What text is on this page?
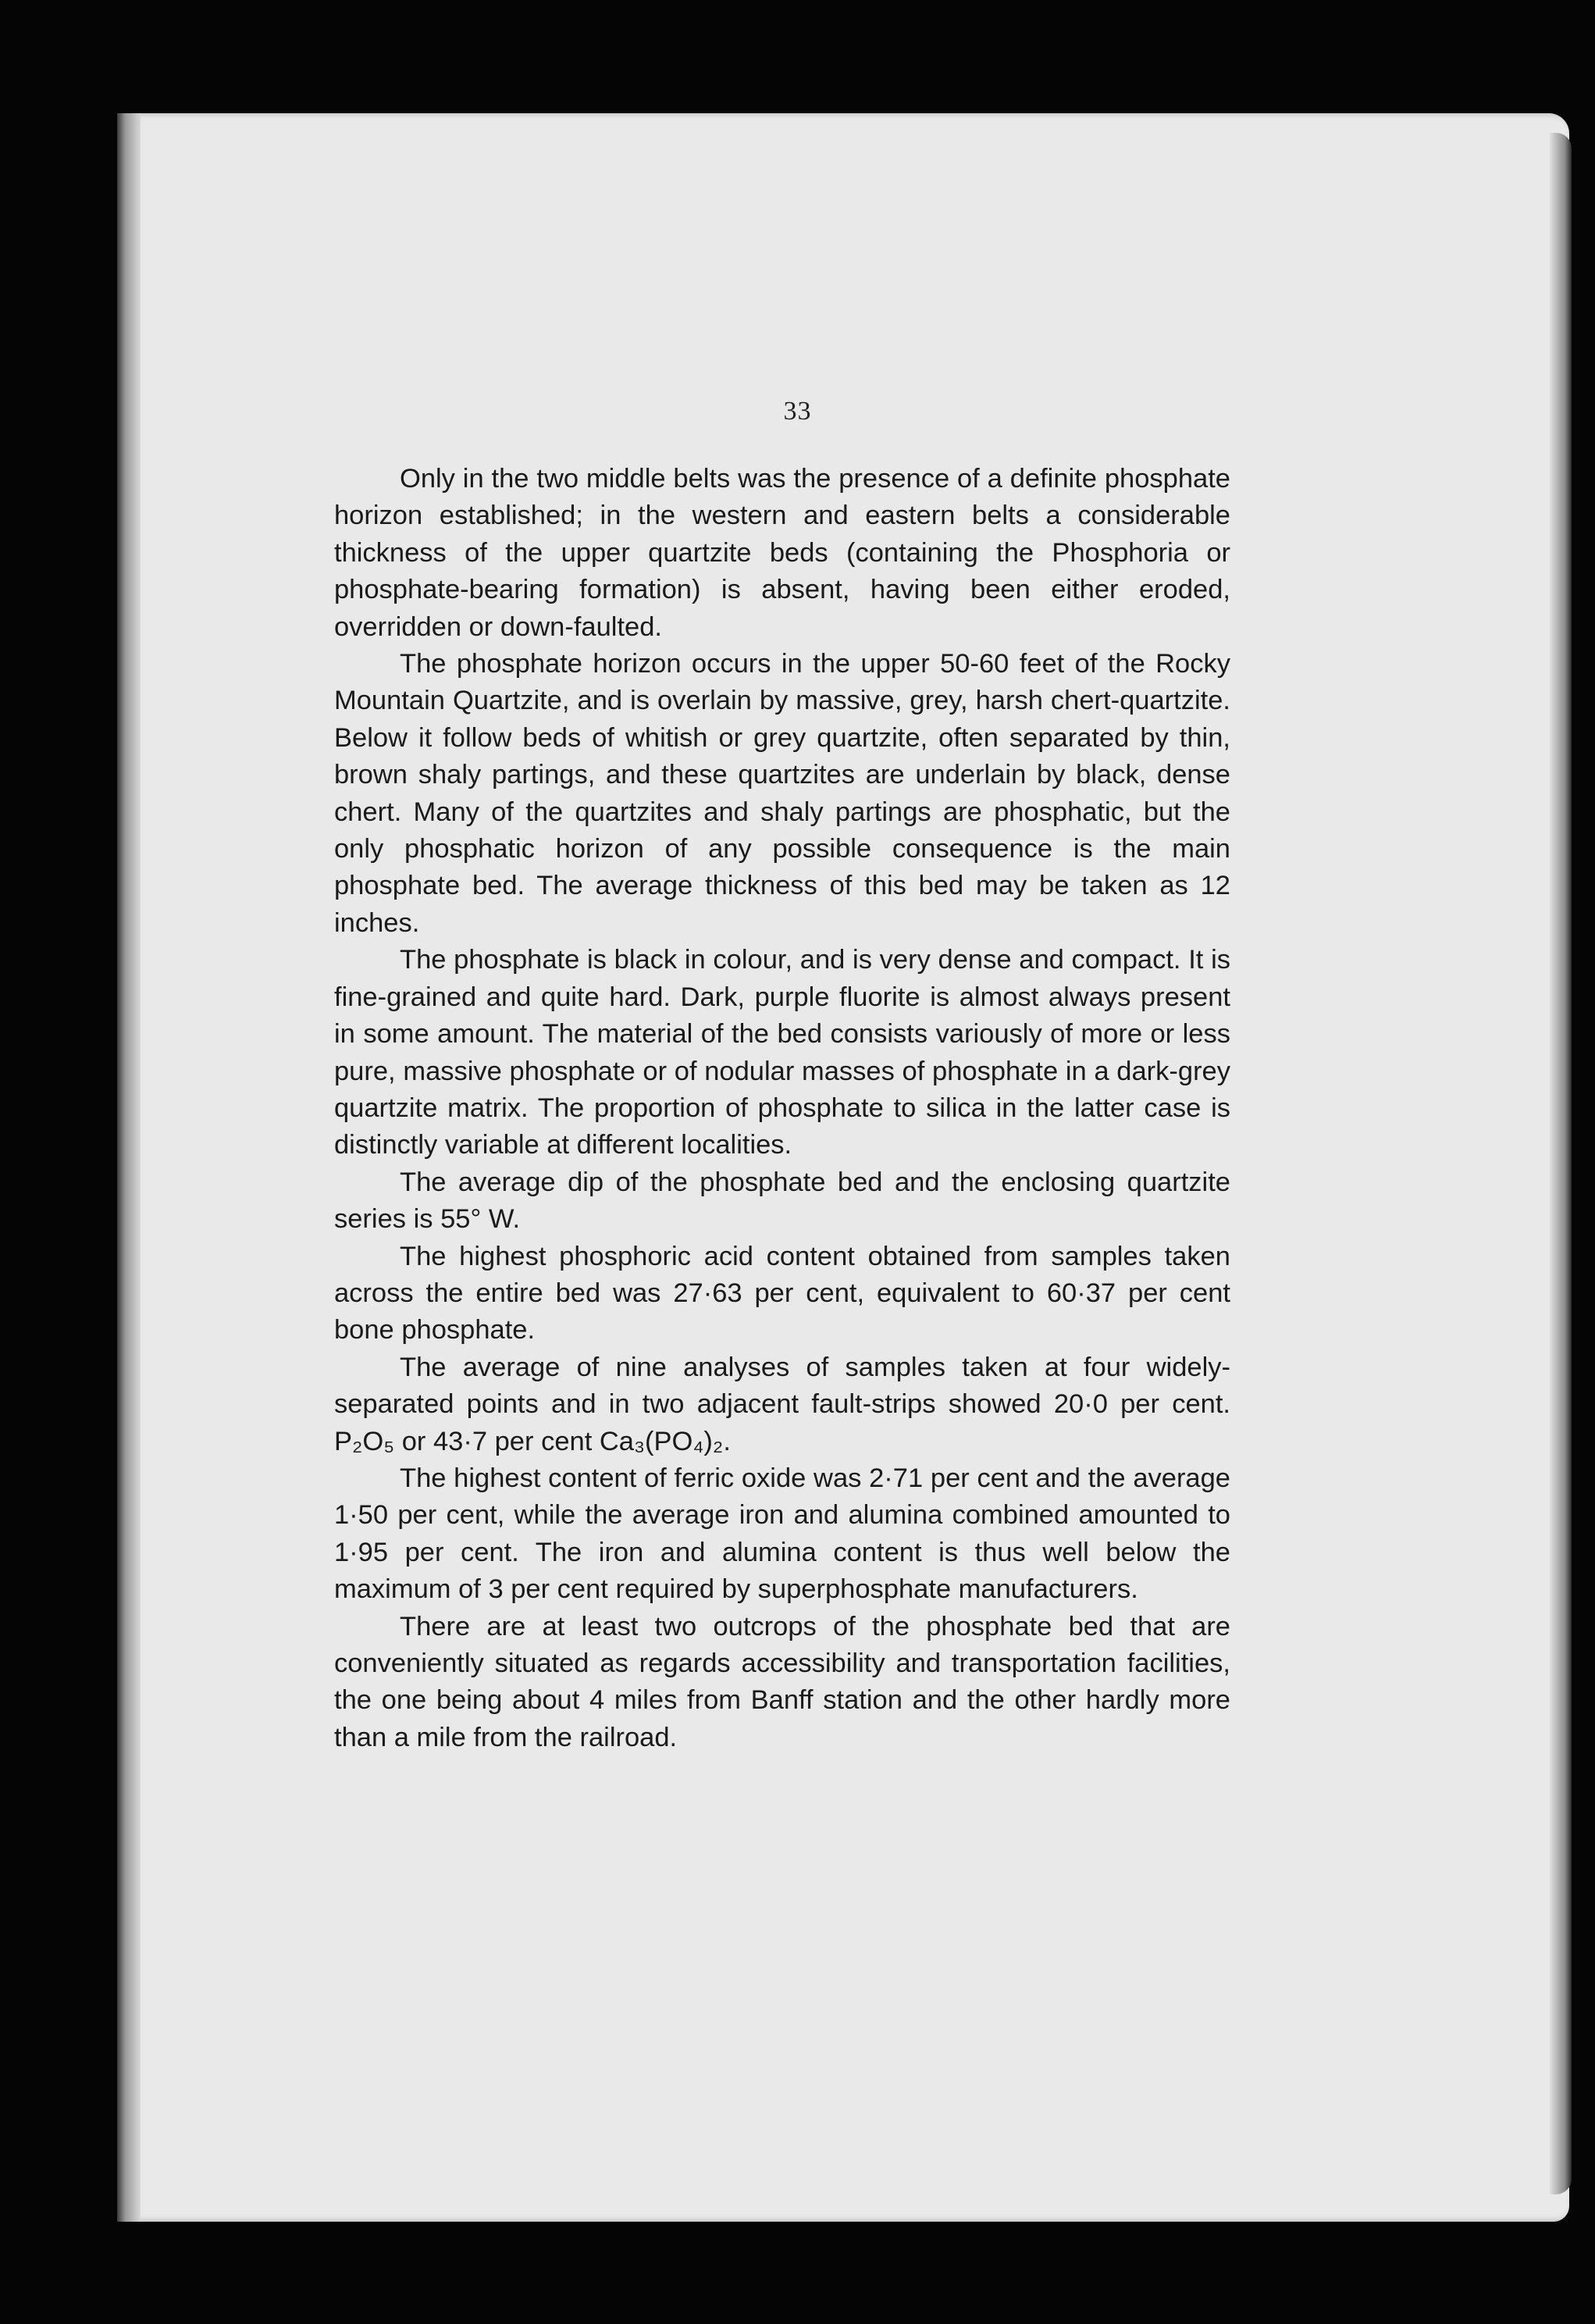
33

Only in the two middle belts was the presence of a definite phosphate horizon established; in the western and eastern belts a considerable thickness of the upper quartzite beds (containing the Phosphoria or phosphate-bearing formation) is absent, having been either eroded, overridden or down-faulted.

The phosphate horizon occurs in the upper 50-60 feet of the Rocky Mountain Quartzite, and is overlain by massive, grey, harsh chert-quartzite. Below it follow beds of whitish or grey quartzite, often separated by thin, brown shaly partings, and these quartzites are underlain by black, dense chert. Many of the quartzites and shaly partings are phosphatic, but the only phosphatic horizon of any possible consequence is the main phosphate bed. The average thickness of this bed may be taken as 12 inches.

The phosphate is black in colour, and is very dense and compact. It is fine-grained and quite hard. Dark, purple fluorite is almost always present in some amount. The material of the bed consists variously of more or less pure, massive phosphate or of nodular masses of phosphate in a dark-grey quartzite matrix. The proportion of phosphate to silica in the latter case is distinctly variable at different localities.

The average dip of the phosphate bed and the enclosing quartzite series is 55° W.

The highest phosphoric acid content obtained from samples taken across the entire bed was 27·63 per cent, equivalent to 60·37 per cent bone phosphate.

The average of nine analyses of samples taken at four widely-separated points and in two adjacent fault-strips showed 20·0 per cent. P₂O₅ or 43·7 per cent Ca₃(PO₄)₂.

The highest content of ferric oxide was 2·71 per cent and the average 1·50 per cent, while the average iron and alumina combined amounted to 1·95 per cent. The iron and alumina content is thus well below the maximum of 3 per cent required by superphosphate manufacturers.

There are at least two outcrops of the phosphate bed that are conveniently situated as regards accessibility and transportation facilities, the one being about 4 miles from Banff station and the other hardly more than a mile from the railroad.
